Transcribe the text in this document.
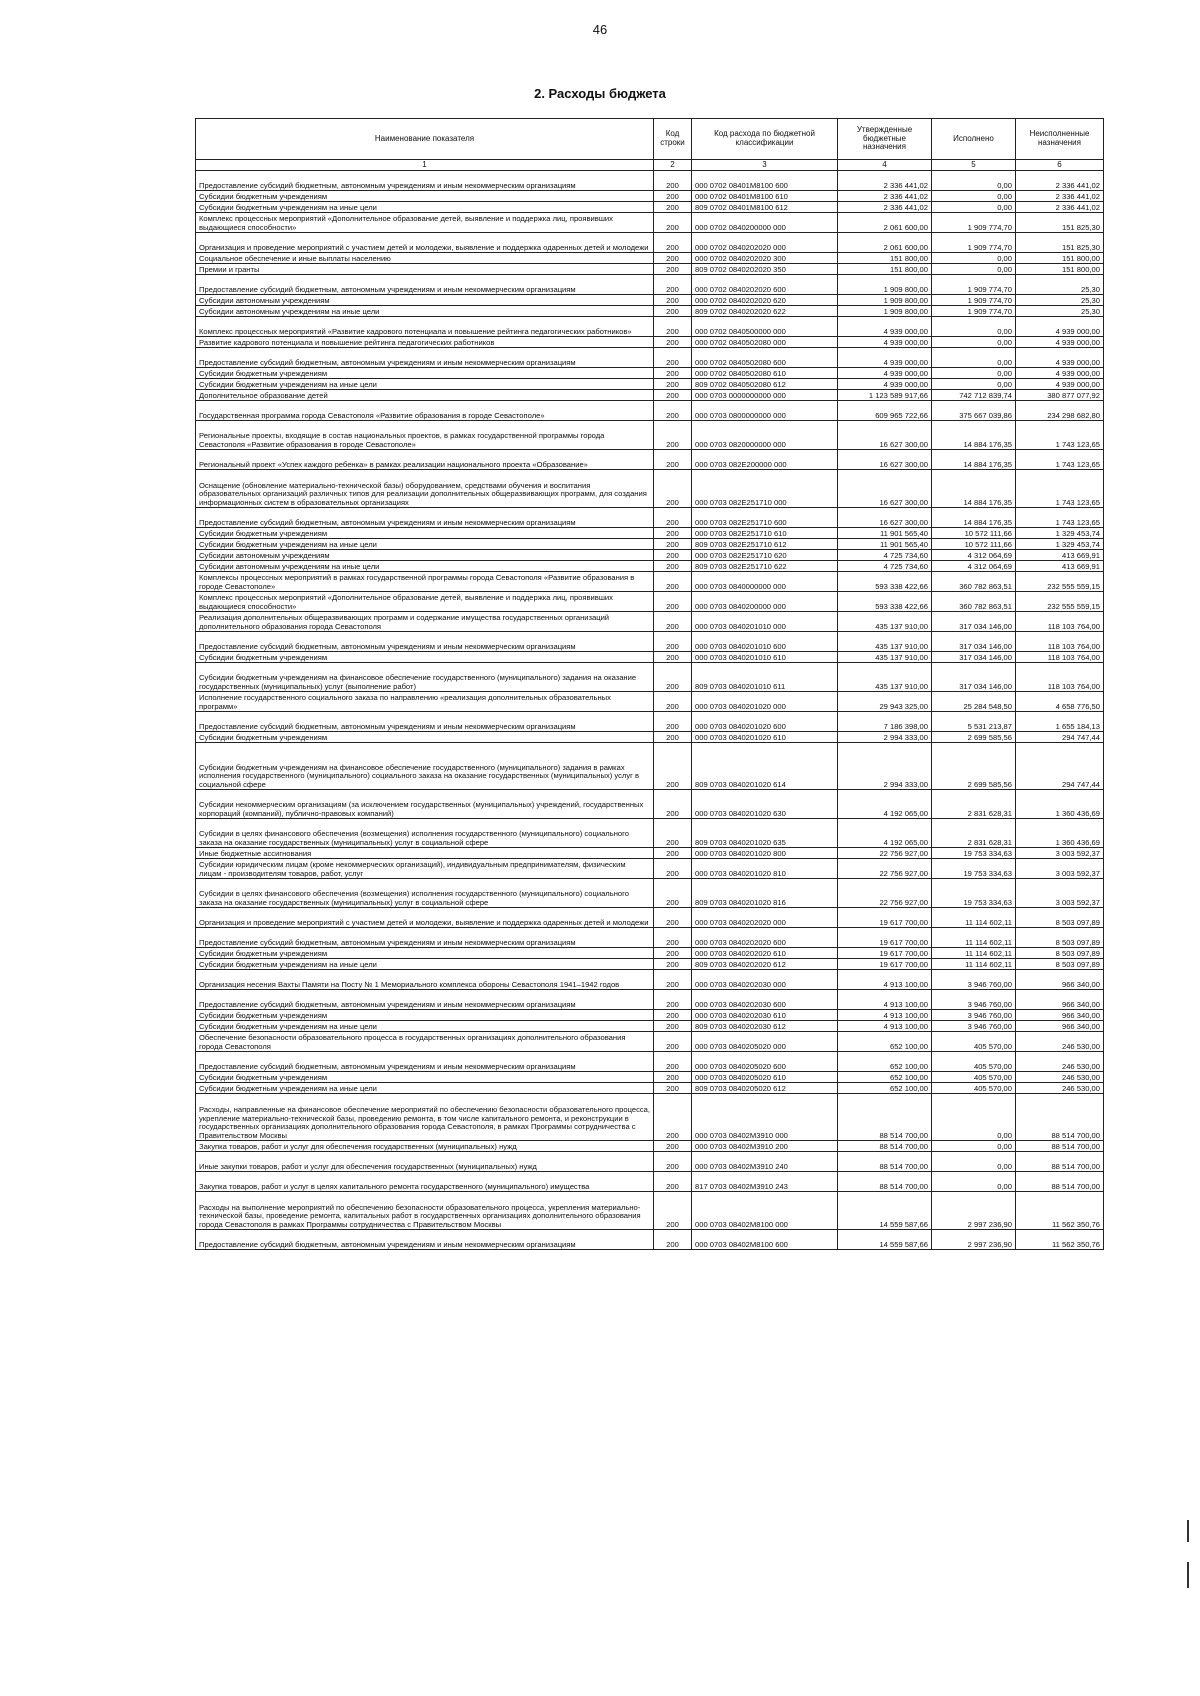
46
2. Расходы бюджета
Наименование показателя	Код строки	Код расхода по бюджетной классификации	Утвержденные бюджетные назначения	Исполнено	Неисполненные назначения
1	2	3	4	5	6
Предоставление субсидий бюджетным, автономным учреждениям и иным некоммерческим организациям	200	000 0702 08401M8100 600	2 336 441,02	0,00	2 336 441,02
Субсидии бюджетным учреждениям	200	000 0702 08401M8100 610	2 336 441,02	0,00	2 336 441,02
Субсидии бюджетным учреждениям на иные цели	200	809 0702 08401M8100 612	2 336 441,02	0,00	2 336 441,02
Комплекс процессных мероприятий «Дополнительное образование детей, выявление и поддержка лиц, проявивших выдающиеся способности»	200	000 0702 0840200000 000	2 061 600,00	1 909 774,70	151 825,30
Организация и проведение мероприятий с участием детей и молодежи, выявление и поддержка одаренных детей и молодежи	200	000 0702 0840202020 000	2 061 600,00	1 909 774,70	151 825,30
Социальное обеспечение и иные выплаты населению	200	000 0702 0840202020 300	151 800,00	0,00	151 800,00
Премии и гранты	200	809 0702 0840202020 350	151 800,00	0,00	151 800,00
Предоставление субсидий бюджетным, автономным учреждениям и иным некоммерческим организациям	200	000 0702 0840202020 600	1 909 800,00	1 909 774,70	25,30
Субсидии автономным учреждениям	200	000 0702 0840202020 620	1 909 800,00	1 909 774,70	25,30
Субсидии автономным учреждениям на иные цели	200	809 0702 0840202020 622	1 909 800,00	1 909 774,70	25,30
Комплекс процессных мероприятий «Развитие кадрового потенциала и повышение рейтинга педагогических работников»	200	000 0702 0840500000 000	4 939 000,00	0,00	4 939 000,00
Развитие кадрового потенциала и повышение рейтинга педагогических работников	200	000 0702 0840502080 000	4 939 000,00	0,00	4 939 000,00
Предоставление субсидий бюджетным, автономным учреждениям и иным некоммерческим организациям	200	000 0702 0840502080 600	4 939 000,00	0,00	4 939 000,00
Субсидии бюджетным учреждениям	200	000 0702 0840502080 610	4 939 000,00	0,00	4 939 000,00
Субсидии бюджетным учреждениям на иные цели	200	809 0702 0840502080 612	4 939 000,00	0,00	4 939 000,00
Дополнительное образование детей	200	000 0703 0000000000 000	1 123 589 917,66	742 712 839,74	380 877 077,92
Государственная программа города Севастополя «Развитие образования в городе Севастополе»	200	000 0703 0800000000 000	609 965 722,66	375 667 039,86	234 298 682,80
Региональные проекты, входящие в состав национальных проектов, в рамках государственной программы города Севастополя «Развитие образования в городе Севастополе»	200	000 0703 0820000000 000	16 627 300,00	14 884 176,35	1 743 123,65
Региональный проект «Успех каждого ребенка» в рамках реализации национального проекта «Образование»	200	000 0703 082E200000 000	16 627 300,00	14 884 176,35	1 743 123,65
Оснащение (обновление материально-технической базы) оборудованием, средствами обучения и воспитания образовательных организаций различных типов для реализации дополнительных общеразвивающих программ, для создания информационных систем в образовательных организациях	200	000 0703 082E251710 000	16 627 300,00	14 884 176,35	1 743 123,65
Предоставление субсидий бюджетным, автономным учреждениям и иным некоммерческим организациям	200	000 0703 082E251710 600	16 627 300,00	14 884 176,35	1 743 123,65
Субсидии бюджетным учреждениям	200	000 0703 082E251710 610	11 901 565,40	10 572 111,66	1 329 453,74
Субсидии бюджетным учреждениям на иные цели	200	809 0703 082E251710 612	11 901 565,40	10 572 111,66	1 329 453,74
Субсидии автономным учреждениям	200	000 0703 082E251710 620	4 725 734,60	4 312 064,69	413 669,91
Субсидии автономным учреждениям на иные цели	200	809 0703 082E251710 622	4 725 734,60	4 312 064,69	413 669,91
Комплексы процессных мероприятий в рамках государственной программы города Севастополя «Развитие образования в городе Севастополе»	200	000 0703 0840000000 000	593 338 422,66	360 782 863,51	232 555 559,15
Комплекс процессных мероприятий «Дополнительное образование детей, выявление и поддержка лиц, проявивших выдающиеся способности»	200	000 0703 0840200000 000	593 338 422,66	360 782 863,51	232 555 559,15
Реализация дополнительных общеразвивающих программ и содержание имущества государственных организаций дополнительного образования города Севастополя	200	000 0703 0840201010 000	435 137 910,00	317 034 146,00	118 103 764,00
Предоставление субсидий бюджетным, автономным учреждениям и иным некоммерческим организациям	200	000 0703 0840201010 600	435 137 910,00	317 034 146,00	118 103 764,00
Субсидии бюджетным учреждениям	200	000 0703 0840201010 610	435 137 910,00	317 034 146,00	118 103 764,00
Субсидии бюджетным учреждениям на финансовое обеспечение государственного (муниципального) задания на оказание государственных (муниципальных) услуг (выполнение работ)	200	809 0703 0840201010 611	435 137 910,00	317 034 146,00	118 103 764,00
Исполнение государственного социального заказа по направлению «реализация дополнительных образовательных программ»	200	000 0703 0840201020 000	29 943 325,00	25 284 548,50	4 658 776,50
Предоставление субсидий бюджетным, автономным учреждениям и иным некоммерческим организациям	200	000 0703 0840201020 600	7 186 398,00	5 531 213,87	1 655 184,13
Субсидии бюджетным учреждениям	200	000 0703 0840201020 610	2 994 333,00	2 699 585,56	294 747,44
Субсидии бюджетным учреждениям на финансовое обеспечение государственного (муниципального) задания в рамках исполнения государственного (муниципального) социального заказа на оказание государственных (муниципальных) услуг в социальной сфере	200	809 0703 0840201020 614	2 994 333,00	2 699 585,56	294 747,44
Субсидии некоммерческим организациям (за исключением государственных (муниципальных) учреждений, государственных корпораций (компаний), публично-правовых компаний)	200	000 0703 0840201020 630	4 192 065,00	2 831 628,31	1 360 436,69
Субсидии в целях финансового обеспечения (возмещения) исполнения государственного (муниципального) социального заказа на оказание государственных (муниципальных) услуг в социальной сфере	200	809 0703 0840201020 635	4 192 065,00	2 831 628,31	1 360 436,69
Иные бюджетные ассигнования	200	000 0703 0840201020 800	22 756 927,00	19 753 334,63	3 003 592,37
Субсидии юридическим лицам (кроме некоммерческих организаций), индивидуальным предпринимателям, физическим лицам - производителям товаров, работ, услуг	200	000 0703 0840201020 810	22 756 927,00	19 753 334,63	3 003 592,37
Субсидии в целях финансового обеспечения (возмещения) исполнения государственного (муниципального) социального заказа на оказание государственных (муниципальных) услуг в социальной сфере	200	809 0703 0840201020 816	22 756 927,00	19 753 334,63	3 003 592,37
Организация и проведение мероприятий с участием детей и молодежи, выявление и поддержка одаренных детей и молодежи	200	000 0703 0840202020 000	19 617 700,00	11 114 602,11	8 503 097,89
Предоставление субсидий бюджетным, автономным учреждениям и иным некоммерческим организациям	200	000 0703 0840202020 600	19 617 700,00	11 114 602,11	8 503 097,89
Субсидии бюджетным учреждениям	200	000 0703 0840202020 610	19 617 700,00	11 114 602,11	8 503 097,89
Субсидии бюджетным учреждениям на иные цели	200	809 0703 0840202020 612	19 617 700,00	11 114 602,11	8 503 097,89
Организация несения Вахты Памяти на Посту № 1 Мемориального комплекса обороны Севастополя 1941–1942 годов	200	000 0703 0840202030 000	4 913 100,00	3 946 760,00	966 340,00
Предоставление субсидий бюджетным, автономным учреждениям и иным некоммерческим организациям	200	000 0703 0840202030 600	4 913 100,00	3 946 760,00	966 340,00
Субсидии бюджетным учреждениям	200	000 0703 0840202030 610	4 913 100,00	3 946 760,00	966 340,00
Субсидии бюджетным учреждениям на иные цели	200	809 0703 0840202030 612	4 913 100,00	3 946 760,00	966 340,00
Обеспечение безопасности образовательного процесса в государственных организациях дополнительного образования города Севастополя	200	000 0703 0840205020 000	652 100,00	405 570,00	246 530,00
Предоставление субсидий бюджетным, автономным учреждениям и иным некоммерческим организациям	200	000 0703 0840205020 600	652 100,00	405 570,00	246 530,00
Субсидии бюджетным учреждениям	200	000 0703 0840205020 610	652 100,00	405 570,00	246 530,00
Субсидии бюджетным учреждениям на иные цели	200	809 0703 0840205020 612	652 100,00	405 570,00	246 530,00
Расходы, направленные на финансовое обеспечение мероприятий по обеспечению безопасности образовательного процесса, укрепление материально-технической базы, проведению ремонта, в том числе капитального ремонта, и реконструкции в государственных организациях дополнительного образования города Севастополя, в рамках Программы сотрудничества с Правительством Москвы	200	000 0703 08402M3910 000	88 514 700,00	0,00	88 514 700,00
Закупка товаров, работ и услуг для обеспечения государственных (муниципальных) нужд	200	000 0703 08402M3910 200	88 514 700,00	0,00	88 514 700,00
Иные закупки товаров, работ и услуг для обеспечения государственных (муниципальных) нужд	200	000 0703 08402M3910 240	88 514 700,00	0,00	88 514 700,00
Закупка товаров, работ и услуг в целях капитального ремонта государственного (муниципального) имущества	200	817 0703 08402M3910 243	88 514 700,00	0,00	88 514 700,00
Расходы на выполнение мероприятий по обеспечению безопасности образовательного процесса, укрепления материально-технической базы, проведение ремонта, капитальных работ в государственных организациях дополнительного образования города Севастополя в рамках Программы сотрудничества с Правительством Москвы	200	000 0703 08402M8100 000	14 559 587,66	2 997 236,90	11 562 350,76
Предоставление субсидий бюджетным, автономным учреждениям и иным некоммерческим организациям	200	000 0703 08402M8100 600	14 559 587,66	2 997 236,90	11 562 350,76
